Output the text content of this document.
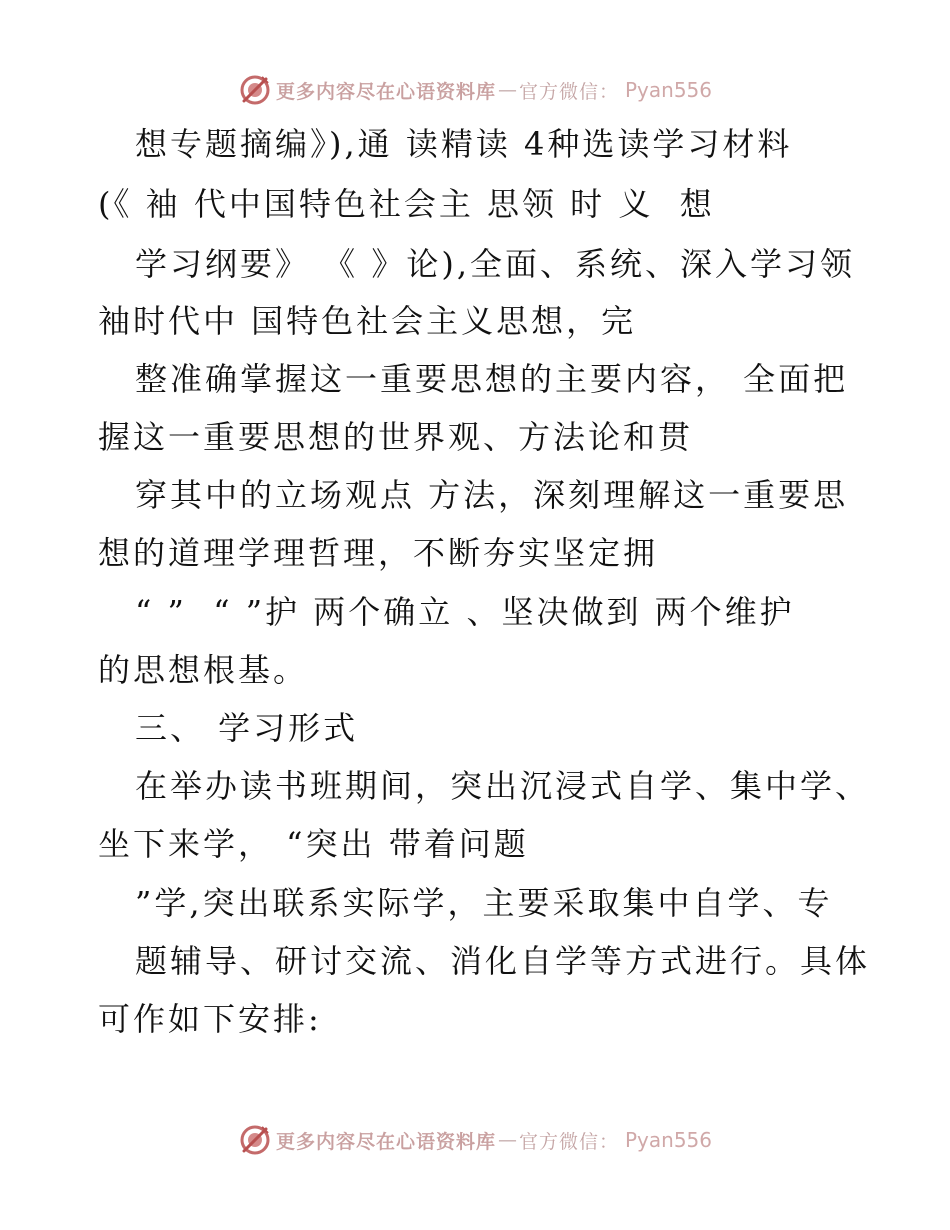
更多内容尽在心语资料库 — 官方微信： Pyan556
想专题摘编》),通 读精读 4种选读学习材料
(《 袖 代中国特色社会主 思领 时 义  想
学习纲要》 《 》论),全面、系统、深入学习领
袖时代中 国特色社会主义思想，完
整准确掌握这一重要思想的主要内容， 全面把
握这一重要思想的世界观、方法论和贯
穿其中的立场观点 方法，深刻理解这一重要思
想的道理学理哲理，不断夯实坚定拥
“ ”  “ ”护 两个确立 、坚决做到 两个维护
的思想根基。
三、 学习形式
在举办读书班期间，突出沉浸式自学、集中学、
坐下来学， “突出 带着问题
”学,突出联系实际学，主要采取集中自学、专
题辅导、研讨交流、消化自学等方式进行。具体
可作如下安排:
更多内容尽在心语资料库 — 官方微信： Pyan556
